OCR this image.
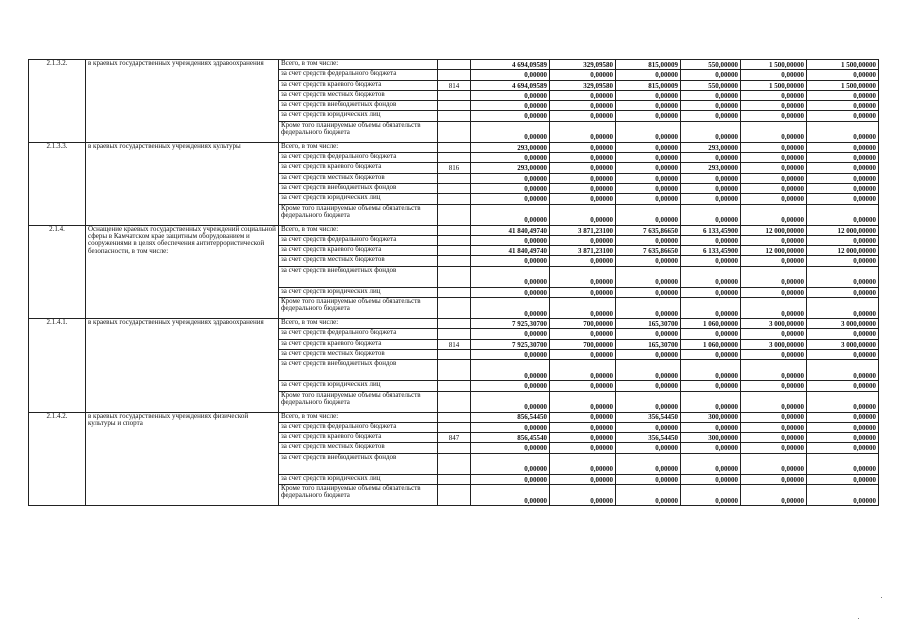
2.1.3.2.	в краевых государственных учреждениях здравоохранения	Всего, в том числе:		4 694,09589	329,09580	815,00009	550,00000	1 500,00000	1 500,00000
		за счет средств федерального бюджета		0,00000	0,00000	0,00000	0,00000	0,00000	0,00000
		за счет средств краевого бюджета	814	4 694,09589	329,09580	815,00009	550,00000	1 500,00000	1 500,00000
		за счет средств местных бюджетов		0,00000	0,00000	0,00000	0,00000	0,00000	0,00000
		за счет средств внебюджетных фондов		0,00000	0,00000	0,00000	0,00000	0,00000	0,00000
		за счет средств юридических лиц		0,00000	0,00000	0,00000	0,00000	0,00000	0,00000
		Кроме того планируемые объемы обязательств федерального бюджета		0,00000	0,00000	0,00000	0,00000	0,00000	0,00000
2.1.3.3.	в краевых государственных учреждениях культуры	Всего, в том числе:		293,00000	0,00000	0,00000	293,00000	0,00000	0,00000
		за счет средств федерального бюджета		0,00000	0,00000	0,00000	0,00000	0,00000	0,00000
		за счет средств краевого бюджета	816	293,00000	0,00000	0,00000	293,00000	0,00000	0,00000
		за счет средств местных бюджетов		0,00000	0,00000	0,00000	0,00000	0,00000	0,00000
		за счет средств внебюджетных фондов		0,00000	0,00000	0,00000	0,00000	0,00000	0,00000
		за счет средств юридических лиц		0,00000	0,00000	0,00000	0,00000	0,00000	0,00000
		Кроме того планируемые объемы обязательств федерального бюджета		0,00000	0,00000	0,00000	0,00000	0,00000	0,00000
2.1.4.	Оснащение краевых государственных учреждений социальной сферы в Камчатском крае защитным оборудованием и сооружениями в целях обеспечения антитеррористической безопасности, в том числе:	Всего, в том числе:		41 840,49740	3 871,23100	7 635,86650	6 133,45900	12 000,00000	12 000,00000
		за счет средств федерального бюджета		0,00000	0,00000	0,00000	0,00000	0,00000	0,00000
		за счет средств краевого бюджета		41 840,49740	3 871,23100	7 635,86650	6 133,45900	12 000,00000	12 000,00000
		за счет средств местных бюджетов		0,00000	0,00000	0,00000	0,00000	0,00000	0,00000
		за счет средств внебюджетных фондов		0,00000	0,00000	0,00000	0,00000	0,00000	0,00000
		за счет средств юридических лиц		0,00000	0,00000	0,00000	0,00000	0,00000	0,00000
		Кроме того планируемые объемы обязательств федерального бюджета		0,00000	0,00000	0,00000	0,00000	0,00000	0,00000
2.1.4.1.	в краевых государственных учреждениях здравоохранения	Всего, в том числе:		7 925,30700	700,00000	165,30700	1 060,00000	3 000,00000	3 000,00000
		за счет средств федерального бюджета		0,00000	0,00000	0,00000	0,00000	0,00000	0,00000
		за счет средств краевого бюджета	814	7 925,30700	700,00000	165,30700	1 060,00000	3 000,00000	3 000,00000
		за счет средств местных бюджетов		0,00000	0,00000	0,00000	0,00000	0,00000	0,00000
		за счет средств внебюджетных фондов		0,00000	0,00000	0,00000	0,00000	0,00000	0,00000
		за счет средств юридических лиц		0,00000	0,00000	0,00000	0,00000	0,00000	0,00000
		Кроме того планируемые объемы обязательств федерального бюджета		0,00000	0,00000	0,00000	0,00000	0,00000	0,00000
2.1.4.2.	в краевых государственных учреждениях физической культуры и спорта	Всего, в том числе:		856,54450	0,00000	356,54450	300,00000	0,00000	0,00000
		за счет средств федерального бюджета		0,00000	0,00000	0,00000	0,00000	0,00000	0,00000
		за счет средств краевого бюджета	847	856,45540	0,00000	356,54450	300,00000	0,00000	0,00000
		за счет средств местных бюджетов		0,00000	0,00000	0,00000	0,00000	0,00000	0,00000
		за счет средств внебюджетных фондов		0,00000	0,00000	0,00000	0,00000	0,00000	0,00000
		за счет средств юридических лиц		0,00000	0,00000	0,00000	0,00000	0,00000	0,00000
		Кроме того планируемые объемы обязательств федерального бюджета		0,00000	0,00000	0,00000	0,00000	0,00000	0,00000
